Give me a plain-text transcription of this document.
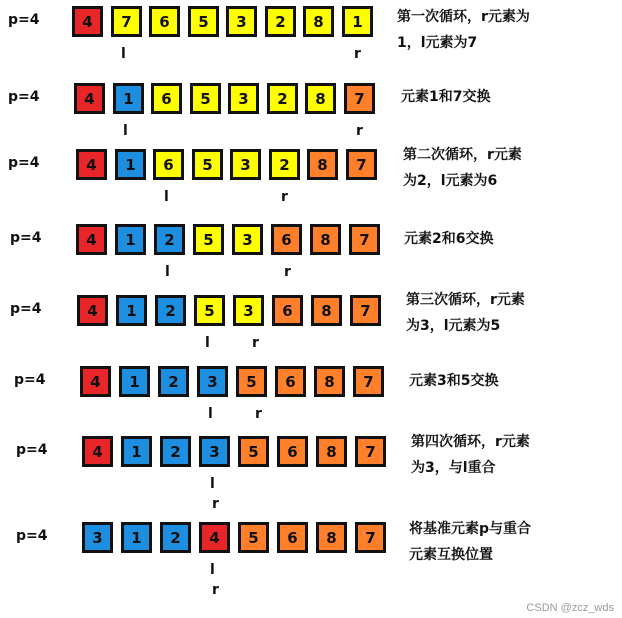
p=4	4	7	6	5	3	2	8	1
l	r
第一次循环，r元素为
1，l元素为7
p=4	4	1	6	5	3	2	8	7
l	r
元素1和7交换
p=4	4	1	6	5	3	2	8	7
l	r
第二次循环，r元素
为2，l元素为6
p=4	4	1	2	5	3	6	8	7
l	r
元素2和6交换
p=4	4	1	2	5	3	6	8	7
l	r
第三次循环，r元素
为3，l元素为5
p=4	4	1	2	3	5	6	8	7
l	r
元素3和5交换
p=4	4	1	2	3	5	6	8	7
l
r
第四次循环，r元素
为3，与l重合
p=4	3	1	2	4	5	6	8	7
l
r
将基准元素p与重合
元素互换位置
CSDN @zcz_wds
